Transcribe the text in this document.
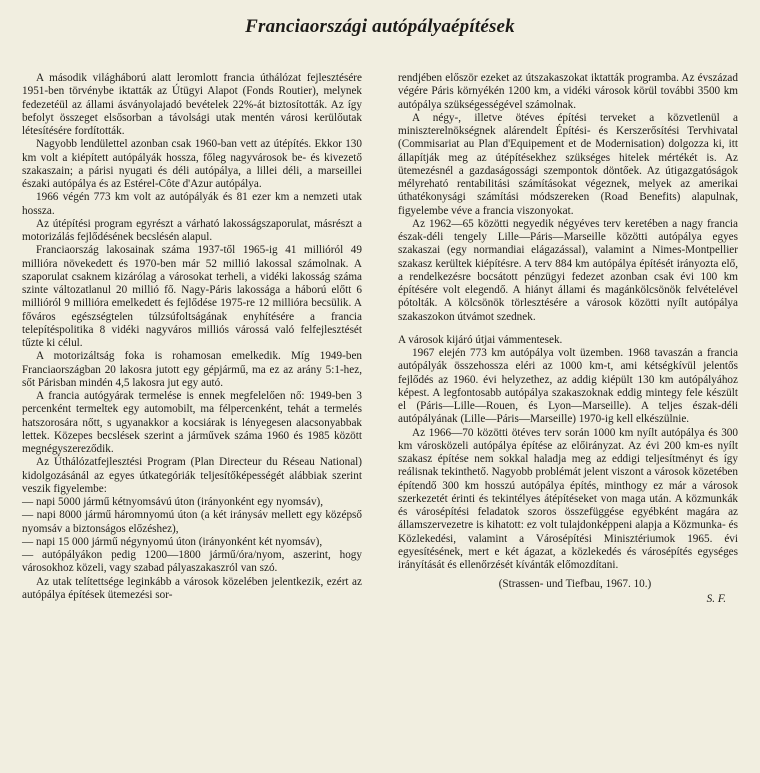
Franciaországi autópályaépítések

A második világháború alatt leromlott francia úthálózat fejlesztésére 1951-ben törvénybe iktatták az Útügyi Alapot (Fonds Routier), melynek fedezetéül az állami ásványolajadó bevételek 22%-át biztosították. Az így befolyt összeget elsősorban a távolsági utak mentén városi kerülőutak létesítésére fordították.

Nagyobb lendülettel azonban csak 1960-ban vett az útépítés. Ekkor 130 km volt a kiépített autópályák hossza, főleg nagyvárosok be- és kivezető szakaszain; a párisi nyugati és déli autópálya, a lillei déli, a marseillei északi autópálya és az Estérel-Côte d'Azur autópálya.

1966 végén 773 km volt az autópályák és 81 ezer km a nemzeti utak hossza.

Az útépítési program egyrészt a várható lakosságszaporulat, másrészt a motorizálás fejlődésének becslésén alapul.

Franciaország lakosainak száma 1937-től 1965-ig 41 millióról 49 millióra növekedett és 1970-ben már 52 millió lakossal számolnak. A szaporulat csaknem kizárólag a városokat terheli, a vidéki lakosság száma szinte változatlanul 20 millió fő. Nagy-Páris lakossága a háború előtt 6 millióról 9 millióra emelkedett és fejlődése 1975-re 12 millióra becsülik. A főváros egészségtelen túlzsúfoltságának enyhítésére a francia telepítéspolitika 8 vidéki nagyváros milliós várossá való felfejlesztését tűzte ki célul.

A motorizáltság foka is rohamosan emelkedik. Míg 1949-ben Franciaországban 20 lakosra jutott egy gépjármű, ma ez az arány 5:1-hez, sőt Párisban mindén 4,5 lakosra jut egy autó.

A francia autógyárak termelése is ennek megfelelően nő: 1949-ben 3 percenként termeltek egy automobilt, ma félpercenként, tehát a termelés hatszorosára nőtt, s ugyanakkor a kocsiárak is lényegesen alacsonyabbak lettek. Közepes becslések szerint a járművek száma 1960 és 1985 között megnégyszereződik.

Az Úthálózatfejlesztési Program (Plan Directeur du Réseau National) kidolgozásánál az egyes útkategóriák teljesítőképességét alábbiak szerint veszik figyelembe:

— napi 5000 jármű kétnyomsávú úton (irányonként egy nyomsáv),

— napi 8000 jármű háromnyomú úton (a két iránysáv mellett egy középső nyomsáv a biztonságos előzéshez),

— napi 15 000 jármű négynyomú úton (irányonként két nyomsáv),

— autópályákon pedig 1200—1800 jármű/óra/nyom, aszerint, hogy városokhoz közeli, vagy szabad pályaszakaszról van szó.

Az utak telítettsége leginkább a városok közelében jelentkezik, ezért az autópálya építések ütemezési sor-

rendjében először ezeket az útszakaszokat iktatták programba. Az évszázad végére Páris környékén 1200 km, a vidéki városok körül további 3500 km autópálya szükségességével számolnak.

A négy-, illetve ötéves építési terveket a közvetlenül a miniszterelnökségnek alárendelt Építési- és Kerszerősítési Tervhivatal (Commisariat au Plan d'Equipement et de Modernisation) dolgozza ki, itt állapítják meg az útépítésekhez szükséges hitelek mértékét is. Az ütemezésnél a gazdaságossági szempontok döntőek. Az útigazgatóságok mélyreható rentabilitási számításokat végeznek, melyek az amerikai úthatékonysági számítási módszereken (Road Benefits) alapulnak, figyelembe véve a francia viszonyokat.

Az 1962—65 közötti negyedik négyéves terv keretében a nagy francia észak-déli tengely Lille—Páris—Marseille közötti autópálya egyes szakaszai (egy normandiai elágazással), valamint a Nimes-Montpellier szakasz kerültek kiépítésre. A terv 884 km autópálya építését irányozta elő, a rendelkezésre bocsátott pénzügyi fedezet azonban csak évi 100 km építésére volt elegendő. A hiányt állami és magánkölcsönök felvételével pótolták. A kölcsönök törlesztésére a városok közötti nyílt autópálya szakaszokon útvámot szednek.

A városok kijáró útjai vámmentesek.

1967 elején 773 km autópálya volt üzemben. 1968 tavaszán a francia autópályák összehossza eléri az 1000 km-t, ami kétségkívül jelentős fejlődés az 1960. évi helyzethez, az addig kiépült 130 km autópályához képest. A legfontosabb autópálya szakaszoknak eddig mintegy fele készült el (Páris—Lille—Rouen, és Lyon—Marseille). A teljes észak-déli autópályának (Lille—Páris—Marseille) 1970-ig kell elkészülnie.

Az 1966—70 közötti ötéves terv során 1000 km nyílt autópálya és 300 km városközeli autópálya építése az előirányzat. Az évi 200 km-es nyílt szakasz építése nem sokkal haladja meg az eddigi teljesítményt és így reálisnak tekinthető. Nagyobb problémát jelent viszont a városok közetében építendő 300 km hosszú autópálya építés, minthogy ez már a városok szerkezetét érinti és tekintélyes átépítéseket von maga után. A közmunkák és városépítési feladatok szoros összefüggése egyébként magára az államszervezetre is kihatott: ez volt tulajdonképpeni alapja a Közmunka- és Közlekedési, valamint a Városépítési Minisztériumok 1965. évi egyesítésének, mert e két ágazat, a közlekedés és városépítés egységes irányítását és ellenőrzését kívánták előmozdítani.

(Strassen- und Tiefbau, 1967. 10.)

S. F.
